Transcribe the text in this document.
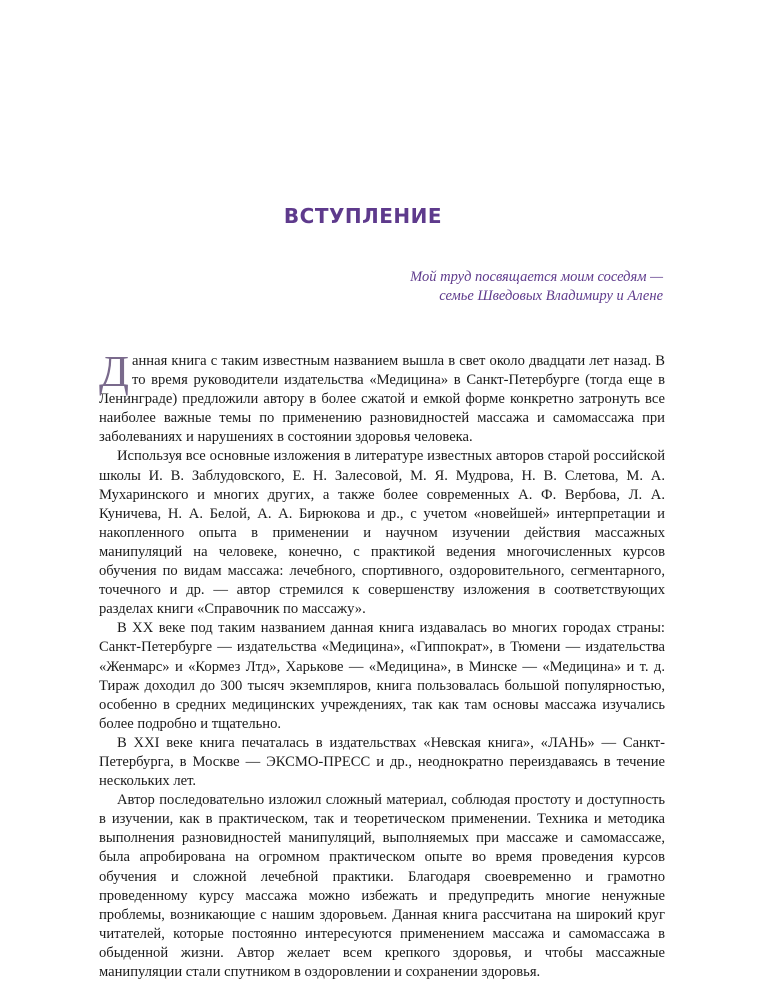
ВСТУПЛЕНИЕ
Мой труд посвящается моим соседям —
семье Шведовых Владимиру и Алене

Данная книга с таким известным названием вышла в свет около двадцати лет назад. В то время руководители издательства «Медицина» в Санкт-Петербурге (тогда еще в Ленинграде) предложили автору в более сжатой и емкой форме конкретно затронуть все наиболее важные темы по применению разновидностей массажа и самомассажа при заболеваниях и нарушениях в состоянии здоровья человека.

Используя все основные изложения в литературе известных авторов старой российской школы И. В. Заблудовского, Е. Н. Залесовой, М. Я. Мудрова, Н. В. Слетова, М. А. Мухаринского и многих других, а также более современных А. Ф. Вербова, Л. А. Куничева, Н. А. Белой, А. А. Бирюкова и др., с учетом «новейшей» интерпретации и накопленного опыта в применении и научном изучении действия массажных манипуляций на человеке, конечно, с практикой ведения многочисленных курсов обучения по видам массажа: лечебного, спортивного, оздоровительного, сегментарного, точечного и др. — автор стремился к совершенству изложения в соответствующих разделах книги «Справочник по массажу».

В XX веке под таким названием данная книга издавалась во многих городах страны: Санкт-Петербурге — издательства «Медицина», «Гиппократ», в Тюмени — издательства «Женмарс» и «Кормез Лтд», Харькове — «Медицина», в Минске — «Медицина» и т. д. Тираж доходил до 300 тысяч экземпляров, книга пользовалась большой популярностью, особенно в средних медицинских учреждениях, так как там основы массажа изучались более подробно и тщательно.

В XXI веке книга печаталась в издательствах «Невская книга», «ЛАНЬ» — Санкт-Петербурга, в Москве — ЭКСМО-ПРЕСС и др., неоднократно переиздаваясь в течение нескольких лет.

Автор последовательно изложил сложный материал, соблюдая простоту и доступность в изучении, как в практическом, так и теоретическом применении. Техника и методика выполнения разновидностей манипуляций, выполняемых при массаже и самомассаже, была апробирована на огромном практическом опыте во время проведения курсов обучения и сложной лечебной практики. Благодаря своевременно и грамотно проведенному курсу массажа можно избежать и предупредить многие ненужные проблемы, возникающие с нашим здоровьем. Данная книга рассчитана на широкий круг читателей, которые постоянно интересуются применением массажа и самомассажа в обыденной жизни. Автор желает всем крепкого здоровья, и чтобы массажные манипуляции стали спутником в оздоровлении и сохранении здоровья.
